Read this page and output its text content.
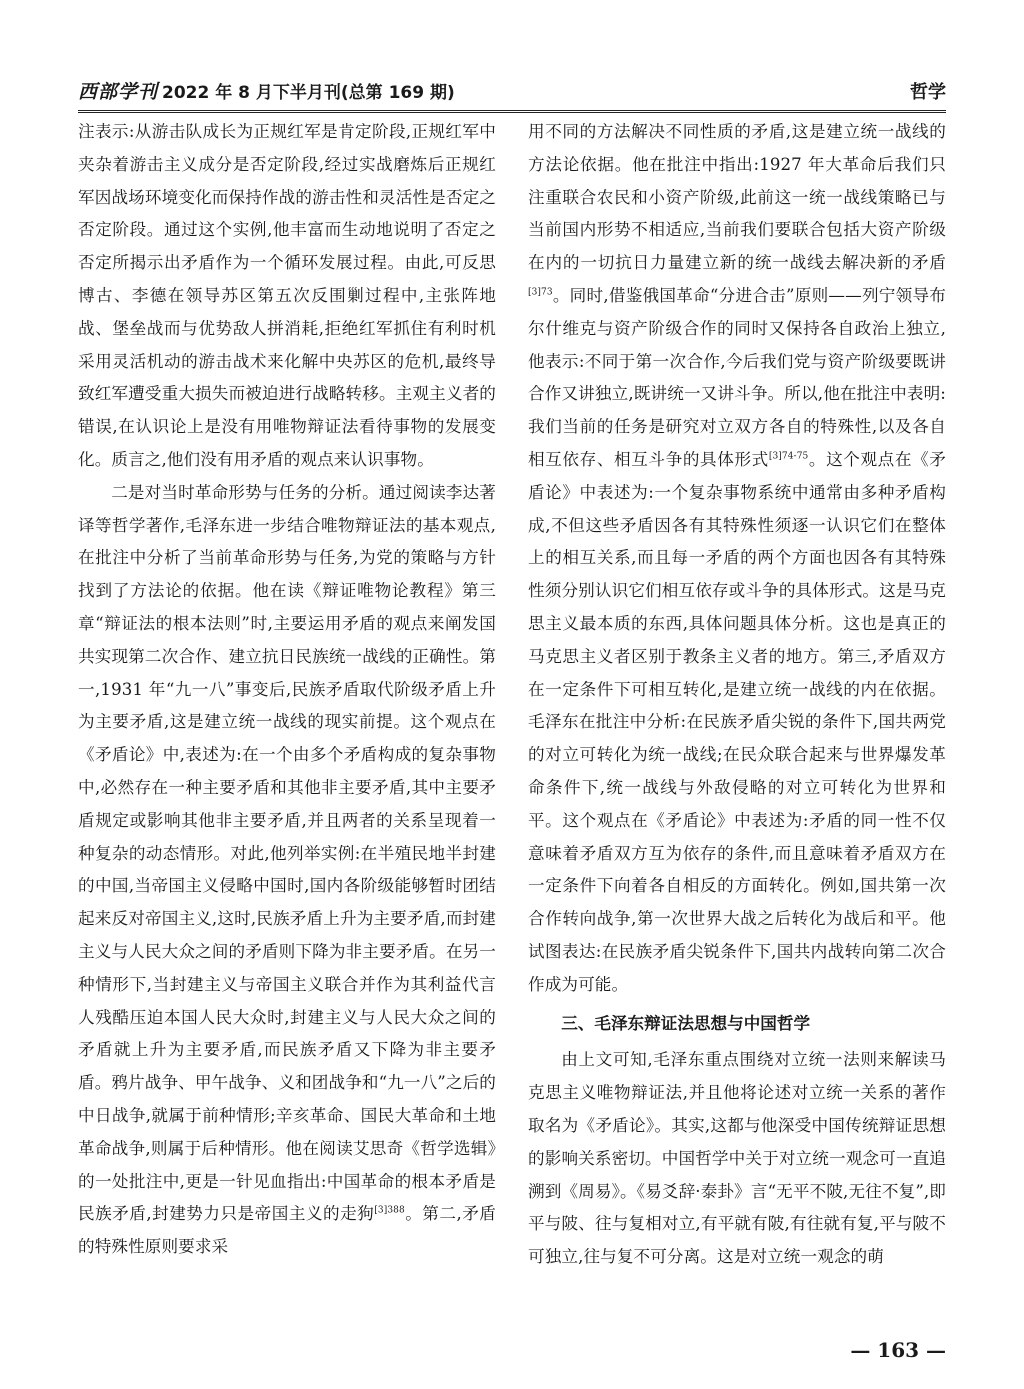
西部学刊 2022 年 8 月下半月刊(总第 169 期)	哲学

注表示:从游击队成长为正规红军是肯定阶段,正规红军中夹杂着游击主义成分是否定阶段,经过实战磨炼后正规红军因战场环境变化而保持作战的游击性和灵活性是否定之否定阶段。通过这个实例,他丰富而生动地说明了否定之否定所揭示出矛盾作为一个循环发展过程。由此,可反思博古、李德在领导苏区第五次反围剿过程中,主张阵地战、堡垒战而与优势敌人拼消耗,拒绝红军抓住有利时机采用灵活机动的游击战术来化解中央苏区的危机,最终导致红军遭受重大损失而被迫进行战略转移。主观主义者的错误,在认识论上是没有用唯物辩证法看待事物的发展变化。质言之,他们没有用矛盾的观点来认识事物。

二是对当时革命形势与任务的分析。通过阅读李达著译等哲学著作,毛泽东进一步结合唯物辩证法的基本观点,在批注中分析了当前革命形势与任务,为党的策略与方针找到了方法论的依据。他在读《辩证唯物论教程》第三章“辩证法的根本法则”时,主要运用矛盾的观点来阐发国共实现第二次合作、建立抗日民族统一战线的正确性。第一,1931 年“九一八”事变后,民族矛盾取代阶级矛盾上升为主要矛盾,这是建立统一战线的现实前提。这个观点在《矛盾论》中,表述为:在一个由多个矛盾构成的复杂事物中,必然存在一种主要矛盾和其他非主要矛盾,其中主要矛盾规定或影响其他非主要矛盾,并且两者的关系呈现着一种复杂的动态情形。对此,他列举实例:在半殖民地半封建的中国,当帝国主义侵略中国时,国内各阶级能够暂时团结起来反对帝国主义,这时,民族矛盾上升为主要矛盾,而封建主义与人民大众之间的矛盾则下降为非主要矛盾。在另一种情形下,当封建主义与帝国主义联合并作为其利益代言人残酷压迫本国人民大众时,封建主义与人民大众之间的矛盾就上升为主要矛盾,而民族矛盾又下降为非主要矛盾。鸦片战争、甲午战争、义和团战争和“九一八”之后的中日战争,就属于前种情形;辛亥革命、国民大革命和土地革命战争,则属于后种情形。他在阅读艾思奇《哲学选辑》的一处批注中,更是一针见血指出:中国革命的根本矛盾是民族矛盾,封建势力只是帝国主义的走狗$^{[3]388}$。第二,矛盾的特殊性原则要求采

用不同的方法解决不同性质的矛盾,这是建立统一战线的方法论依据。他在批注中指出:1927 年大革命后我们只注重联合农民和小资产阶级,此前这一统一战线策略已与当前国内形势不相适应,当前我们要联合包括大资产阶级在内的一切抗日力量建立新的统一战线去解决新的矛盾$^{[3]73}$。同时,借鉴俄国革命“分进合击”原则——列宁领导布尔什维克与资产阶级合作的同时又保持各自政治上独立,他表示:不同于第一次合作,今后我们党与资产阶级要既讲合作又讲独立,既讲统一又讲斗争。所以,他在批注中表明:我们当前的任务是研究对立双方各自的特殊性,以及各自相互依存、相互斗争的具体形式$^{[3]74-75}$。这个观点在《矛盾论》中表述为:一个复杂事物系统中通常由多种矛盾构成,不但这些矛盾因各有其特殊性须逐一认识它们在整体上的相互关系,而且每一矛盾的两个方面也因各有其特殊性须分别认识它们相互依存或斗争的具体形式。这是马克思主义最本质的东西,具体问题具体分析。这也是真正的马克思主义者区别于教条主义者的地方。第三,矛盾双方在一定条件下可相互转化,是建立统一战线的内在依据。毛泽东在批注中分析:在民族矛盾尖锐的条件下,国共两党的对立可转化为统一战线;在民众联合起来与世界爆发革命条件下,统一战线与外敌侵略的对立可转化为世界和平。这个观点在《矛盾论》中表述为:矛盾的同一性不仅意味着矛盾双方互为依存的条件,而且意味着矛盾双方在一定条件下向着各自相反的方面转化。例如,国共第一次合作转向战争,第一次世界大战之后转化为战后和平。他试图表达:在民族矛盾尖锐条件下,国共内战转向第二次合作成为可能。

三、毛泽东辩证法思想与中国哲学

由上文可知,毛泽东重点围绕对立统一法则来解读马克思主义唯物辩证法,并且他将论述对立统一关系的著作取名为《矛盾论》。其实,这都与他深受中国传统辩证思想的影响关系密切。中国哲学中关于对立统一观念可一直追溯到《周易》。《易爻辞·泰卦》言“无平不陂,无往不复”,即平与陂、往与复相对立,有平就有陂,有往就有复,平与陂不可独立,往与复不可分离。这是对立统一观念的萌

— 163 —
